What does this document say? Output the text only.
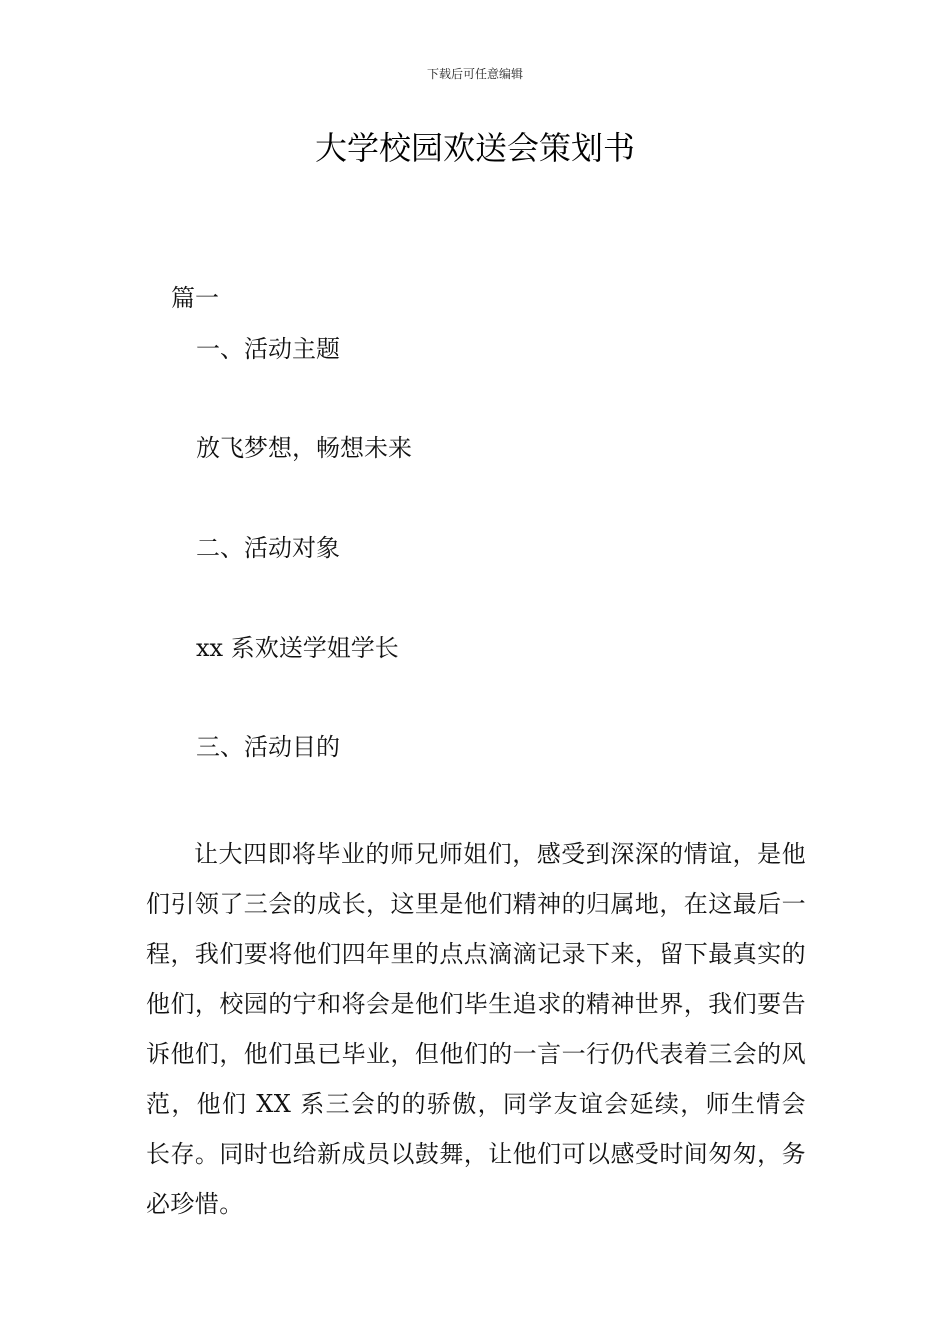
下载后可任意编辑
大学校园欢送会策划书
篇一
一、活动主题
放飞梦想，畅想未来
二、活动对象
xx 系欢送学姐学长
三、活动目的

让大四即将毕业的师兄师姐们，感受到深深的情谊，是他们引领了三会的成长，这里是他们精神的归属地，在这最后一程，我们要将他们四年里的点点滴滴记录下来，留下最真实的他们，校园的宁和将会是他们毕生追求的精神世界，我们要告诉他们，他们虽已毕业，但他们的一言一行仍代表着三会的风范，他们 XX 系三会的的骄傲，同学友谊会延续，师生情会长存。同时也给新成员以鼓舞，让他们可以感受时间匆匆，务必珍惜。
